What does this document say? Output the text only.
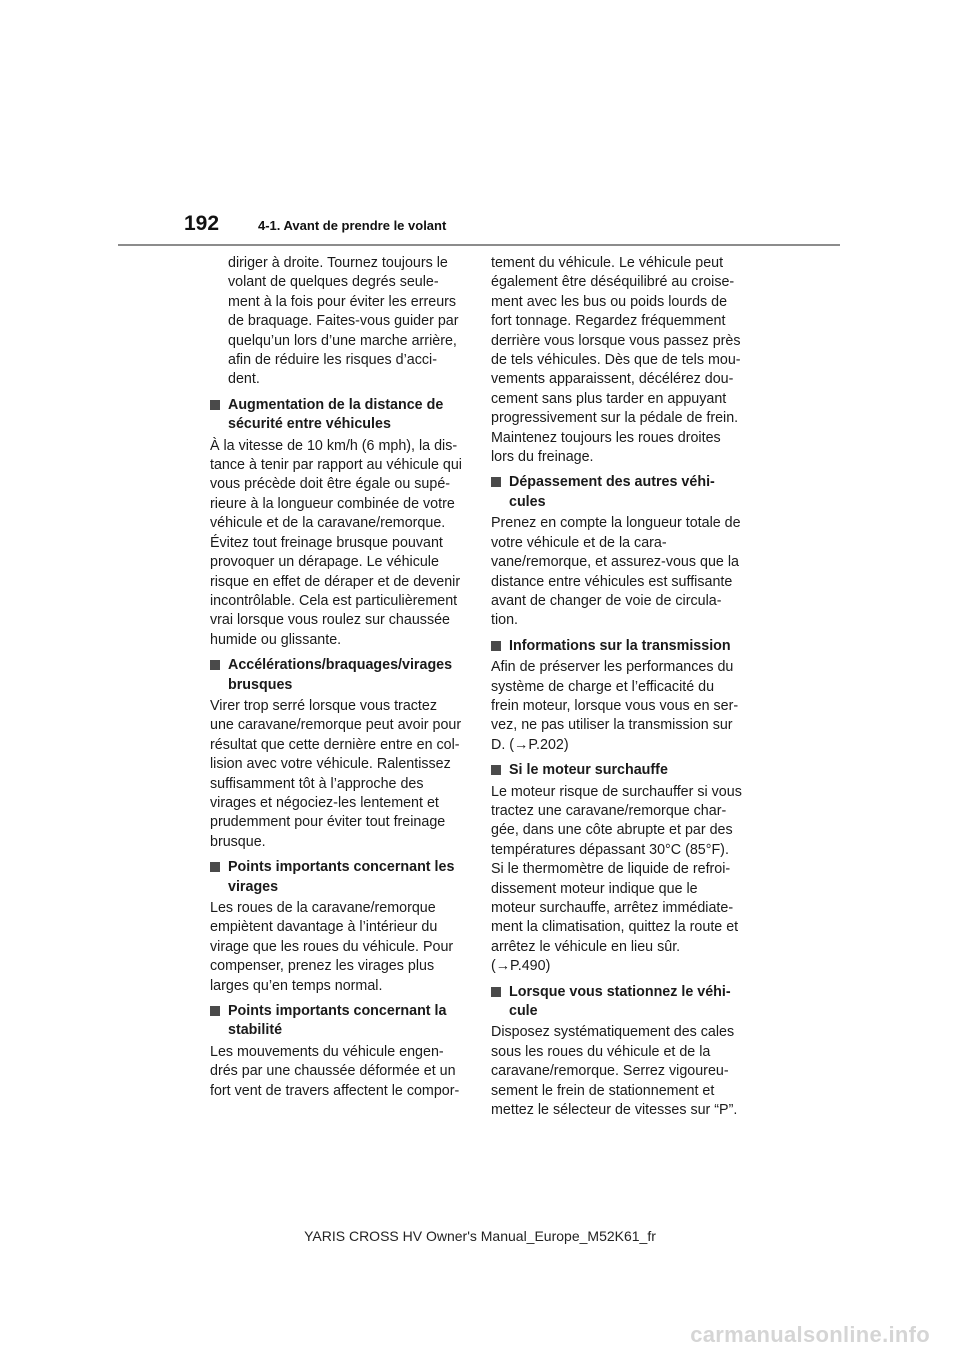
192	4-1. Avant de prendre le volant

diriger à droite. Tournez toujours le volant de quelques degrés seule-ment à la fois pour éviter les erreurs de braquage. Faites-vous guider par quelqu’un lors d’une marche arrière, afin de réduire les risques d’acci-dent.

Augmentation de la distance de sécurité entre véhicules

À la vitesse de 10 km/h (6 mph), la dis-tance à tenir par rapport au véhicule qui vous précède doit être égale ou supé-rieure à la longueur combinée de votre véhicule et de la caravane/remorque. Évitez tout freinage brusque pouvant provoquer un dérapage. Le véhicule risque en effet de déraper et de devenir incontrôlable. Cela est particulièrement vrai lorsque vous roulez sur chaussée humide ou glissante.

Accélérations/braquages/virages brusques

Virer trop serré lorsque vous tractez une caravane/remorque peut avoir pour résultat que cette dernière entre en col-lision avec votre véhicule. Ralentissez suffisamment tôt à l’approche des virages et négociez-les lentement et prudemment pour éviter tout freinage brusque.

Points importants concernant les virages

Les roues de la caravane/remorque empiètent davantage à l’intérieur du virage que les roues du véhicule. Pour compenser, prenez les virages plus larges qu’en temps normal.

Points importants concernant la stabilité

Les mouvements du véhicule engen-drés par une chaussée déformée et un fort vent de travers affectent le compor-

tement du véhicule. Le véhicule peut également être déséquilibré au croise-ment avec les bus ou poids lourds de fort tonnage. Regardez fréquemment derrière vous lorsque vous passez près de tels véhicules. Dès que de tels mou-vements apparaissent, décélérez dou-cement sans plus tarder en appuyant progressivement sur la pédale de frein. Maintenez toujours les roues droites lors du freinage.

Dépassement des autres véhi-cules

Prenez en compte la longueur totale de votre véhicule et de la cara-vane/remorque, et assurez-vous que la distance entre véhicules est suffisante avant de changer de voie de circula-tion.

Informations sur la transmission

Afin de préserver les performances du système de charge et l’efficacité du frein moteur, lorsque vous vous en ser-vez, ne pas utiliser la transmission sur D. (→P.202)

Si le moteur surchauffe

Le moteur risque de surchauffer si vous tractez une caravane/remorque char-gée, dans une côte abrupte et par des températures dépassant 30°C (85°F). Si le thermomètre de liquide de refroi-dissement moteur indique que le moteur surchauffe, arrêtez immédiate-ment la climatisation, quittez la route et arrêtez le véhicule en lieu sûr. (→P.490)

Lorsque vous stationnez le véhi-cule

Disposez systématiquement des cales sous les roues du véhicule et de la caravane/remorque. Serrez vigoureu-sement le frein de stationnement et mettez le sélecteur de vitesses sur “P”.

YARIS CROSS HV Owner's Manual_Europe_M52K61_fr
carmanualsonline.info
